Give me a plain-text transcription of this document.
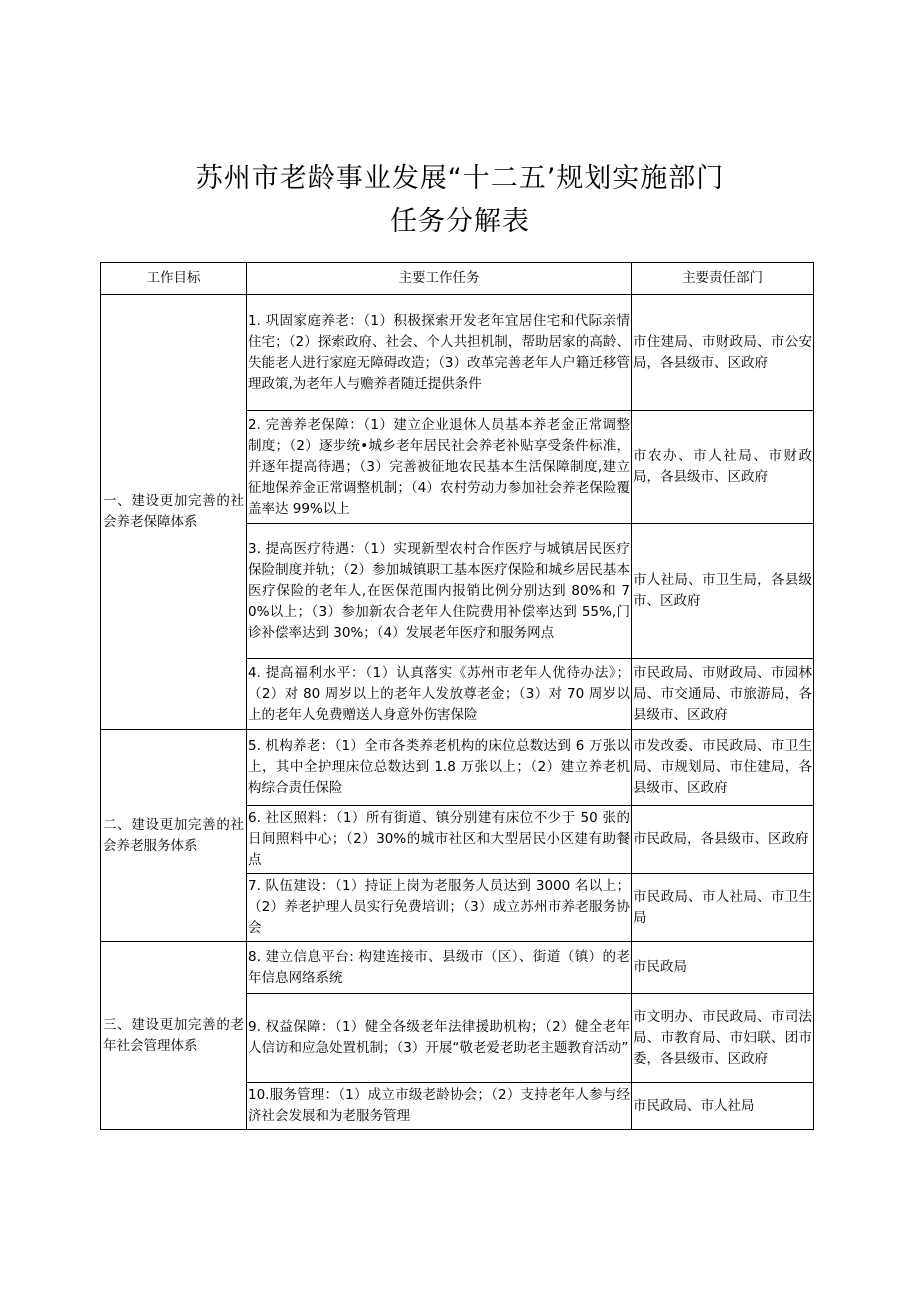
苏州市老龄事业发展“十二五’规划实施部门
任务分解表
工作目标	主要工作任务	主要责任部门
一、建设更加完善的社会养老保障体系	1. 巩固家庭养老：（1）积极探索开发老年宜居住宅和代际亲情住宅；（2）探索政府、社会、个人共担机制，帮助居家的高龄、失能老人进行家庭无障碍改造；（3）改革完善老年人户籍迁移管理政策,为老年人与赡养者随迁提供条件	市住建局、市财政局、市公安局，各县级市、区政府
	2. 完善养老保障：（1）建立企业退休人员基本养老金正常调整制度；（2）逐步统•城乡老年居民社会养老补贴享受条件标准，并逐年提高待遇；（3）完善被征地农民基本生活保障制度,建立征地保养金正常调整机制；（4）农村劳动力参加社会养老保险覆盖率达 99%以上	市农办、市人社局、市财政局，各县级市、区政府
	3. 提高医疗待遇：（1）实现新型农村合作医疗与城镇居民医疗保险制度并轨；（2）参加城镇职工基本医疗保险和城乡居民基本医疗保险的老年人,在医保范围内报销比例分别达到 80%和 70%以上；（3）参加新农合老年人住院费用补偿率达到 55%,门诊补偿率达到 30%；（4）发展老年医疗和服务网点	市人社局、市卫生局，各县级市、区政府
	4. 提高福利水平：（1）认真落实《苏州市老年人优待办法》；（2）对 80 周岁以上的老年人发放尊老金；（3）对 70 周岁以上的老年人免费赠送人身意外伤害保险	市民政局、市财政局、市园林局、市交通局、市旅游局，各县级市、区政府
二、建设更加完善的社会养老服务体系	5. 机构养老：（1）全市各类养老机构的床位总数达到 6 万张以上，其中全护理床位总数达到 1.8 万张以上；（2）建立养老机构综合责任保险	市发改委、市民政局、市卫生局、市规划局、市住建局，各县级市、区政府
	6. 社区照料：（1）所有街道、镇分别建有床位不少于 50 张的日间照料中心；（2）30%的城市社区和大型居民小区建有助餐点	市民政局，各县级市、区政府
	7. 队伍建设：（1）持证上岗为老服务人员达到 3000 名以上；（2）养老护理人员实行免费培训；（3）成立苏州市养老服务协会	市民政局、市人社局、市卫生局
三、建设更加完善的老年社会管理体系	8. 建立信息平台: 构建连接市、县级市（区）、街道（镇）的老年信息网络系统	市民政局
	9. 权益保障：（1）健全各级老年法律援助机构；（2）健全老年人信访和应急处置机制；（3）开展“敬老爱老助老主题教育活动”	市文明办、市民政局、市司法局、市教育局、市妇联、团市委，各县级市、区政府
	10.服务管理：（1）成立市级老龄协会；（2）支持老年人参与经济社会发展和为老服务管理	市民政局、市人社局
